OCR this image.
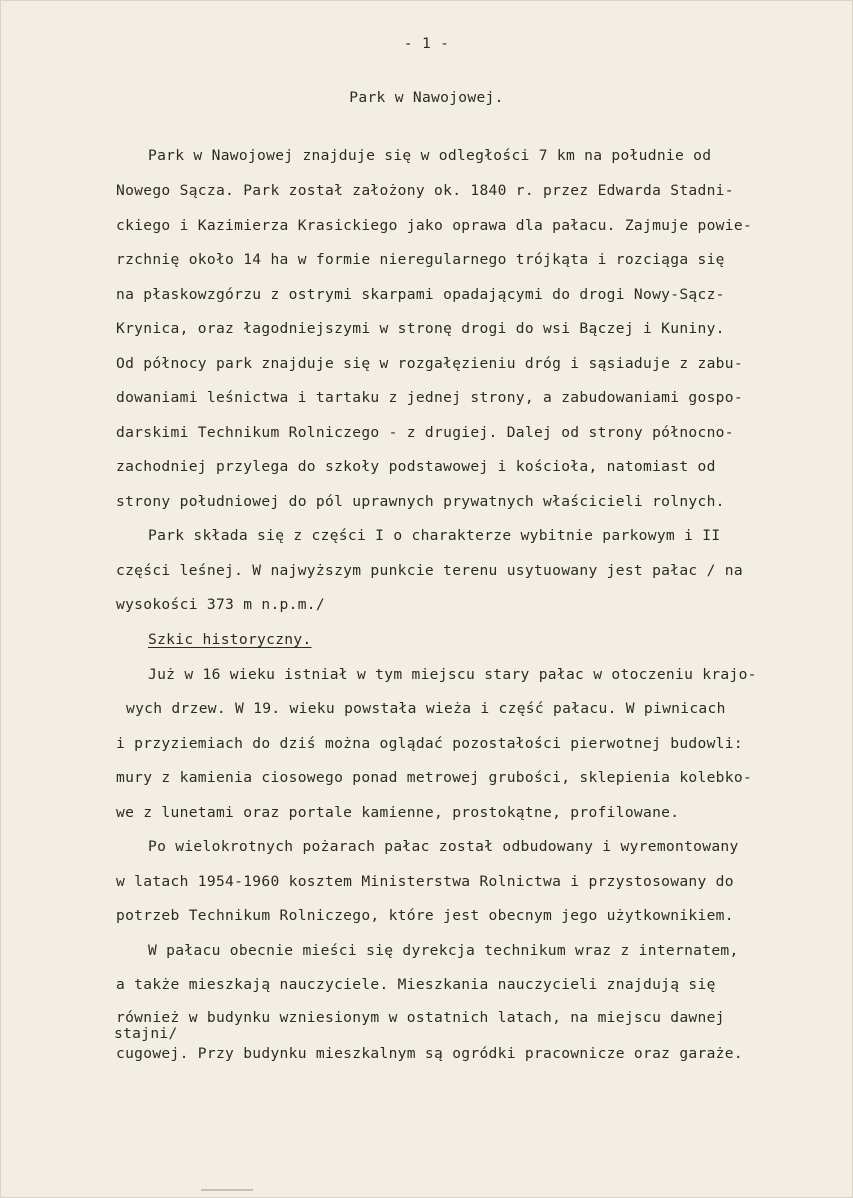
- 1 -
Park w Nawojowej.
Park w Nawojowej znajduje się w odległości 7 km na południe od
Nowego Sącza. Park został założony ok. 1840 r. przez Edwarda Stadni-
ckiego i Kazimierza Krasickiego jako oprawa dla pałacu. Zajmuje powie-
rzchnię około 14 ha w formie nieregularnego trójkąta i rozciąga się
na płaskowzgórzu z ostrymi skarpami opadającymi do drogi Nowy-Sącz-
Krynica, oraz łagodniejszymi w stronę drogi do wsi Bączej i Kuniny.
Od północy park znajduje się w rozgałęzieniu dróg i sąsiaduje z zabu-
dowaniami leśnictwa i tartaku z jednej strony, a zabudowaniami gospo-
darskimi Technikum Rolniczego - z drugiej. Dalej od strony północno-
zachodniej przylega do szkoły podstawowej i kościoła, natomiast od
strony południowej do pól uprawnych prywatnych właścicieli rolnych.
Park składa się z części I o charakterze wybitnie parkowym i II
części leśnej. W najwyższym punkcie terenu usytuowany jest pałac / na
wysokości 373 m n.p.m./
Szkic historyczny.
Już w 16 wieku istniał w tym miejscu stary pałac w otoczeniu krajo-
wych drzew. W 19. wieku powstała wieża i część pałacu. W piwnicach
i przyziemiach do dziś można oglądać pozostałości pierwotnej budowli:
mury z kamienia ciosowego ponad metrowej grubości, sklepienia kolebko-
we z lunetami oraz portale kamienne, prostokątne, profilowane.
Po wielokrotnych pożarach pałac został odbudowany i wyremontowany
w latach 1954-1960 kosztem Ministerstwa Rolnictwa i przystosowany do
potrzeb Technikum Rolniczego, które jest obecnym jego użytkownikiem.
W pałacu obecnie mieści się dyrekcja technikum wraz z internatem,
a także mieszkają nauczyciele. Mieszkania nauczycieli znajdują się
również w budynku wzniesionym w ostatnich latach, na miejscu dawnej
stajni/
cugowej. Przy budynku mieszkalnym są ogródki pracownicze oraz garaże.
